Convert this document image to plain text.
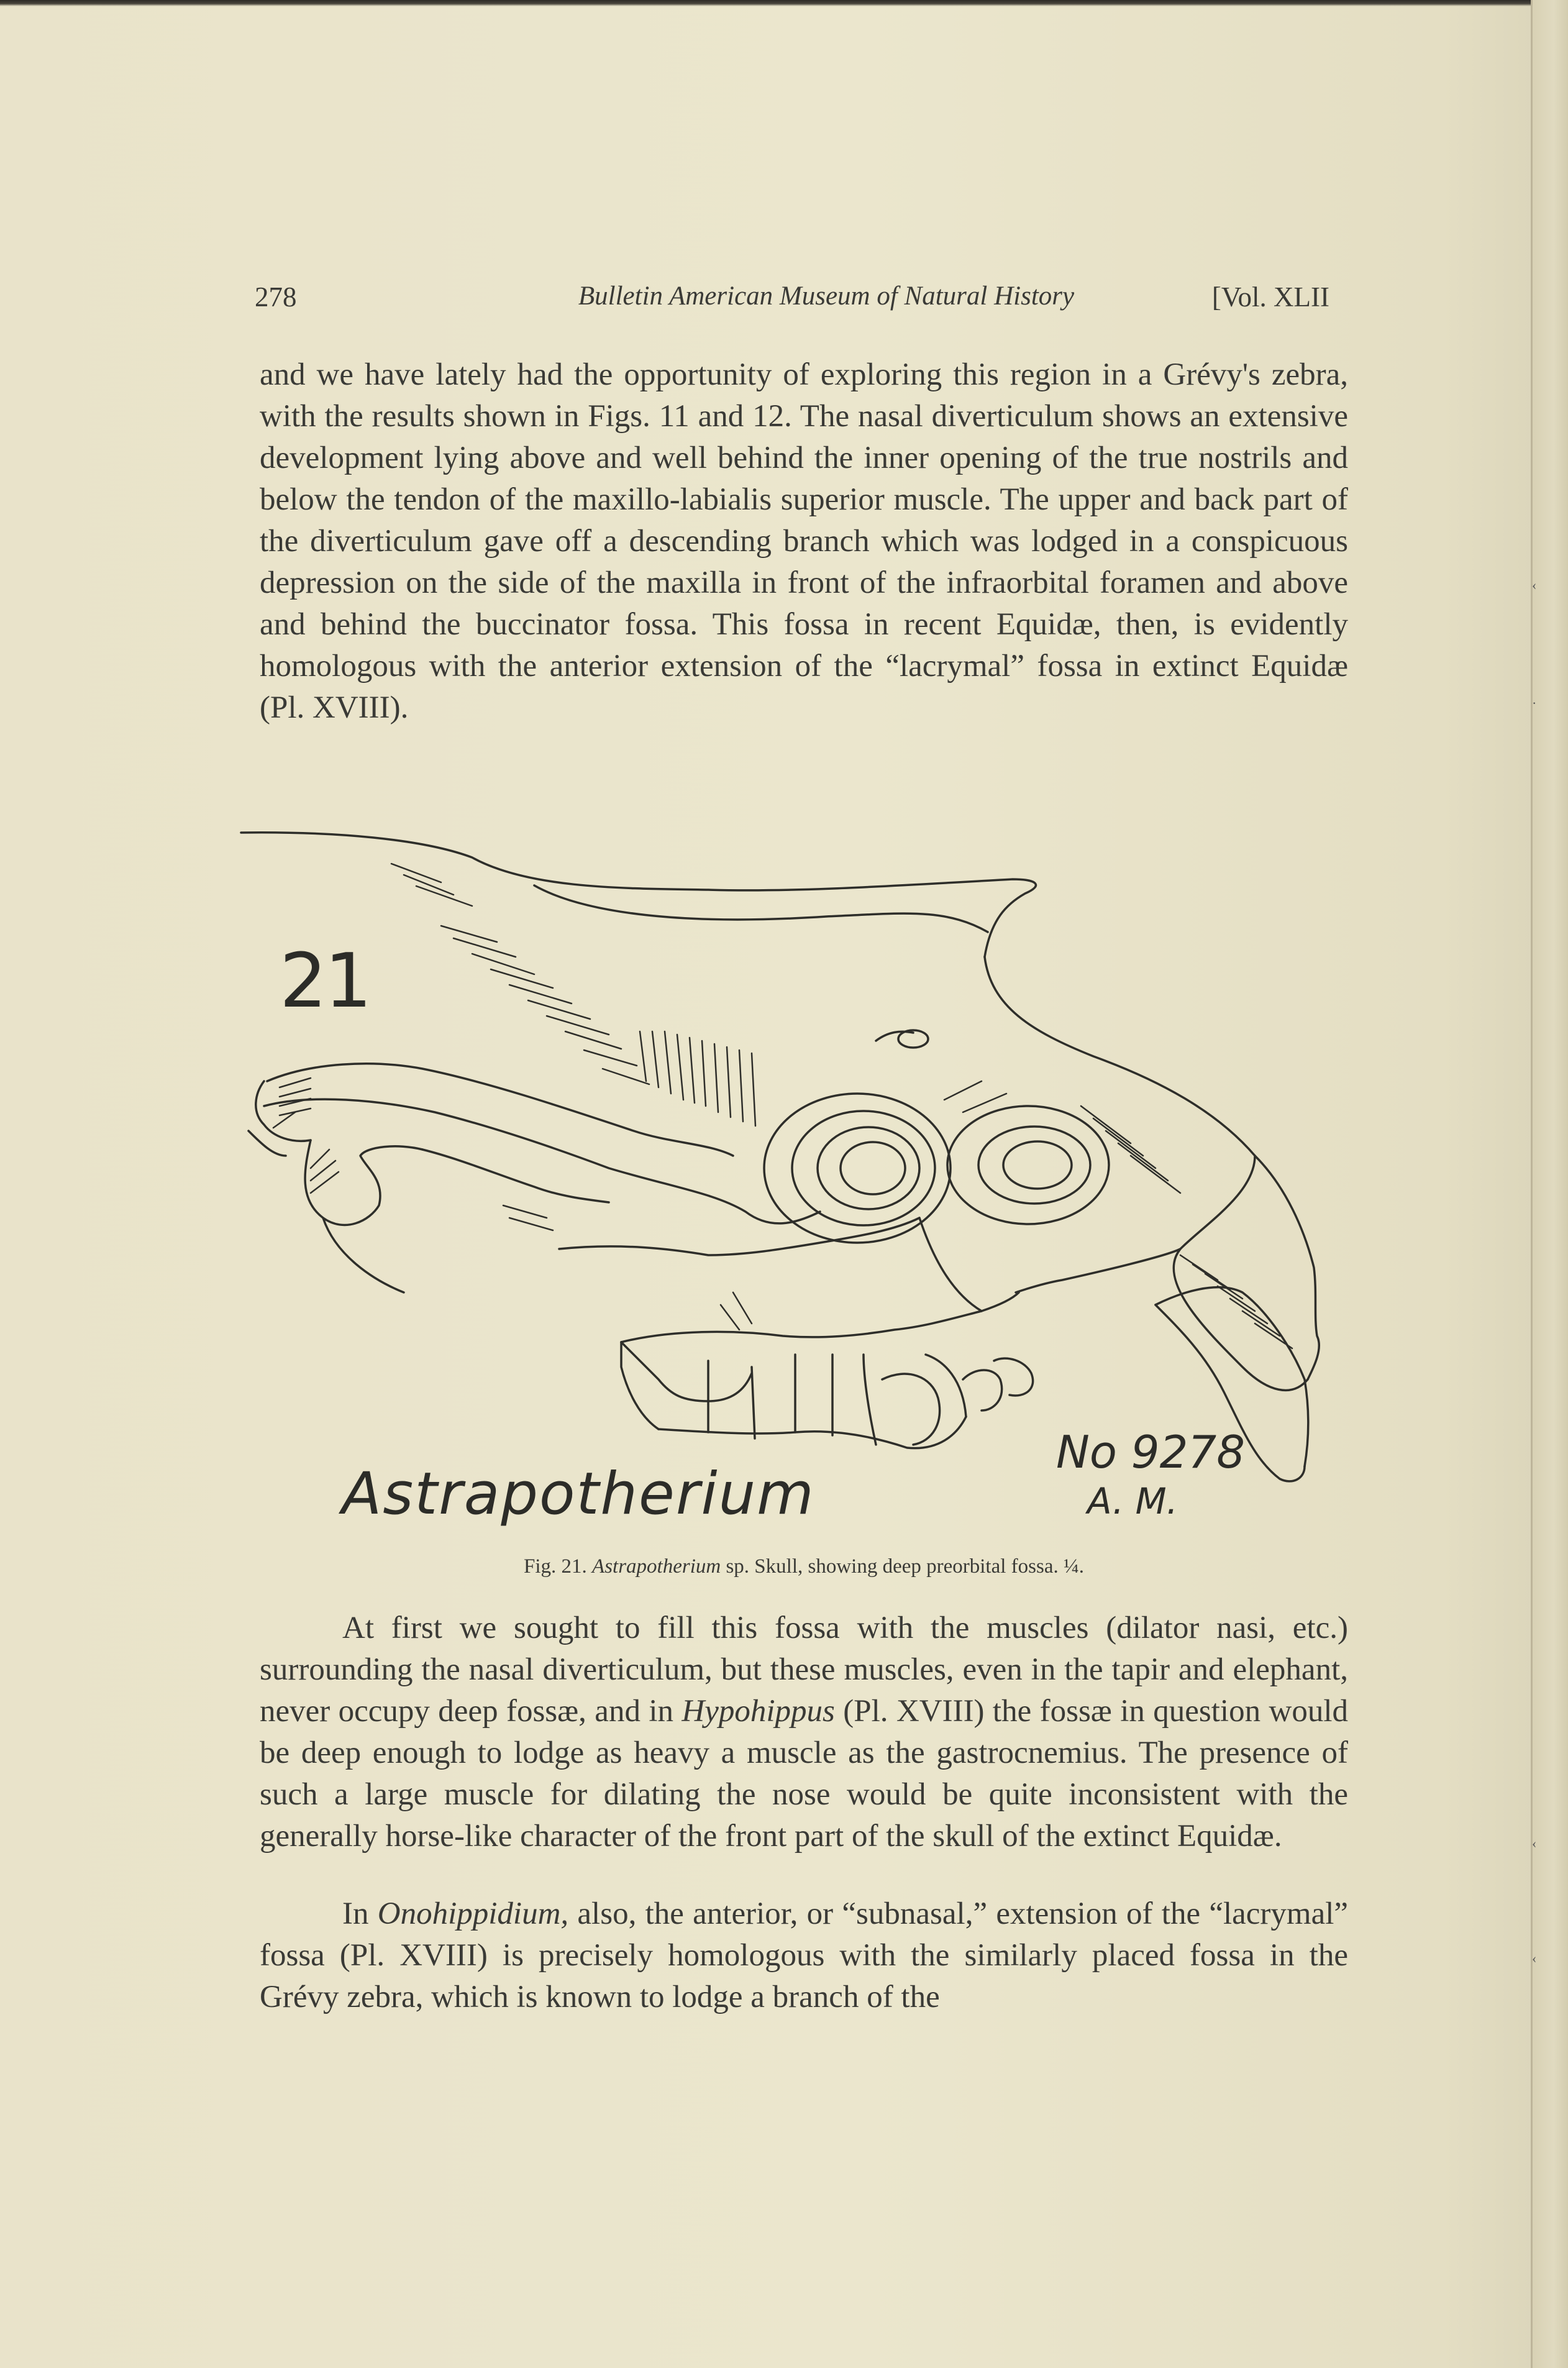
‹
·
‹
‹
278	Bulletin American Museum of Natural History	[Vol. XLII

and we have lately had the opportunity of exploring this region in a Grévy's zebra, with the results shown in Figs. 11 and 12. The nasal diverticulum shows an extensive development lying above and well behind the inner opening of the true nostrils and below the tendon of the maxillo-labialis superior muscle. The upper and back part of the diverticulum gave off a descending branch which was lodged in a conspicuous depression on the side of the maxilla in front of the infraorbital foramen and above and behind the buccinator fossa. This fossa in recent Equidæ, then, is evidently homologous with the anterior extension of the “lacrymal” fossa in extinct Equidæ (Pl. XVIII).

21
Astrapotherium
No 9278
A. M.
Fig. 21. Astrapotherium sp. Skull, showing deep preorbital fossa. ¼.

At first we sought to fill this fossa with the muscles (dilator nasi, etc.) surrounding the nasal diverticulum, but these muscles, even in the tapir and elephant, never occupy deep fossæ, and in Hypohippus (Pl. XVIII) the fossæ in question would be deep enough to lodge as heavy a muscle as the gastrocnemius. The presence of such a large muscle for dilating the nose would be quite inconsistent with the generally horse-like character of the front part of the skull of the extinct Equidæ.

In Onohippidium, also, the anterior, or “subnasal,” extension of the “lacrymal” fossa (Pl. XVIII) is precisely homologous with the similarly placed fossa in the Grévy zebra, which is known to lodge a branch of the
